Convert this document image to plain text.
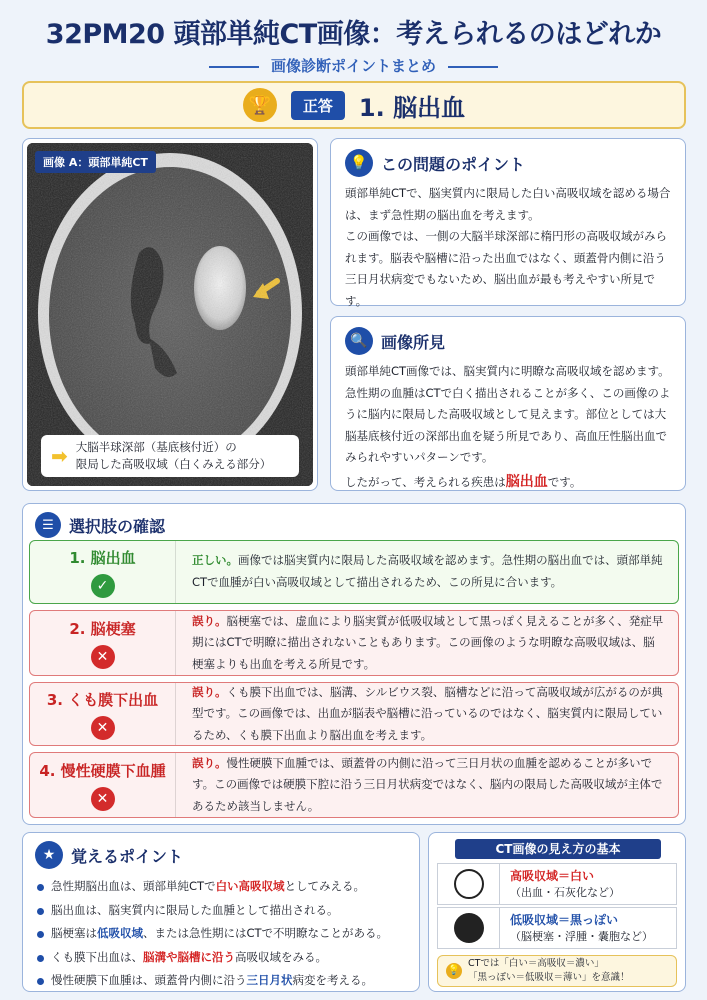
32PM20 頭部単純CT画像：考えられるのはどれか
画像診断ポイントまとめ
🏆	正答	1. 脳出血
画像 A：頭部単純CT
➡ 大脳半球深部（基底核付近）の
限局した高吸収域（白くみえる部分）
💡 この問題のポイント

頭部単純CTで、脳実質内に限局した白い高吸収域を認める場合は、まず急性期の脳出血を考えます。

この画像では、一側の大脳半球深部に楕円形の高吸収域がみられます。脳表や脳槽に沿った出血ではなく、頭蓋骨内側に沿う三日月状病変でもないため、脳出血が最も考えやすい所見です。

🔍 画像所見

頭部単純CT画像では、脳実質内に明瞭な高吸収域を認めます。急性期の血腫はCTで白く描出されることが多く、この画像のように脳内に限局した高吸収域として見えます。部位としては大脳基底核付近の深部出血を疑う所見であり、高血圧性脳出血でみられやすいパターンです。

したがって、考えられる疾患は脳出血です。

☰ 選択肢の確認
1. 脳出血
✓
正しい。画像では脳実質内に限局した高吸収域を認めます。急性期の脳出血では、頭部単純CTで血腫が白い高吸収域として描出されるため、この所見に合います。
2. 脳梗塞
✕
誤り。脳梗塞では、虚血により脳実質が低吸収域として黒っぽく見えることが多く、発症早期にはCTで明瞭に描出されないこともあります。この画像のような明瞭な高吸収域は、脳梗塞よりも出血を考える所見です。
3. くも膜下出血
✕
誤り。くも膜下出血では、脳溝、シルビウス裂、脳槽などに沿って高吸収域が広がるのが典型です。この画像では、出血が脳表や脳槽に沿っているのではなく、脳実質内に限局しているため、くも膜下出血より脳出血を考えます。
4. 慢性硬膜下血腫
✕
誤り。慢性硬膜下血腫では、頭蓋骨の内側に沿って三日月状の血腫を認めることが多いです。この画像では硬膜下腔に沿う三日月状病変ではなく、脳内の限局した高吸収域が主体であるため該当しません。
★ 覚えるポイント
急性期脳出血は、頭部単純CTで白い高吸収域としてみえる。
脳出血は、脳実質内に限局した血腫として描出される。
脳梗塞は低吸収域、または急性期にはCTで不明瞭なことがある。
くも膜下出血は、脳溝や脳槽に沿う高吸収域をみる。
慢性硬膜下血腫は、頭蓋骨内側に沿う三日月状病変を考える。
CT画像の見え方の基本
高吸収域＝白い
（出血・石灰化など）
低吸収域＝黒っぽい
（脳梗塞・浮腫・嚢胞など）
💡
CTでは「白い＝高吸収＝濃い」
「黒っぽい＝低吸収＝薄い」を意識！
